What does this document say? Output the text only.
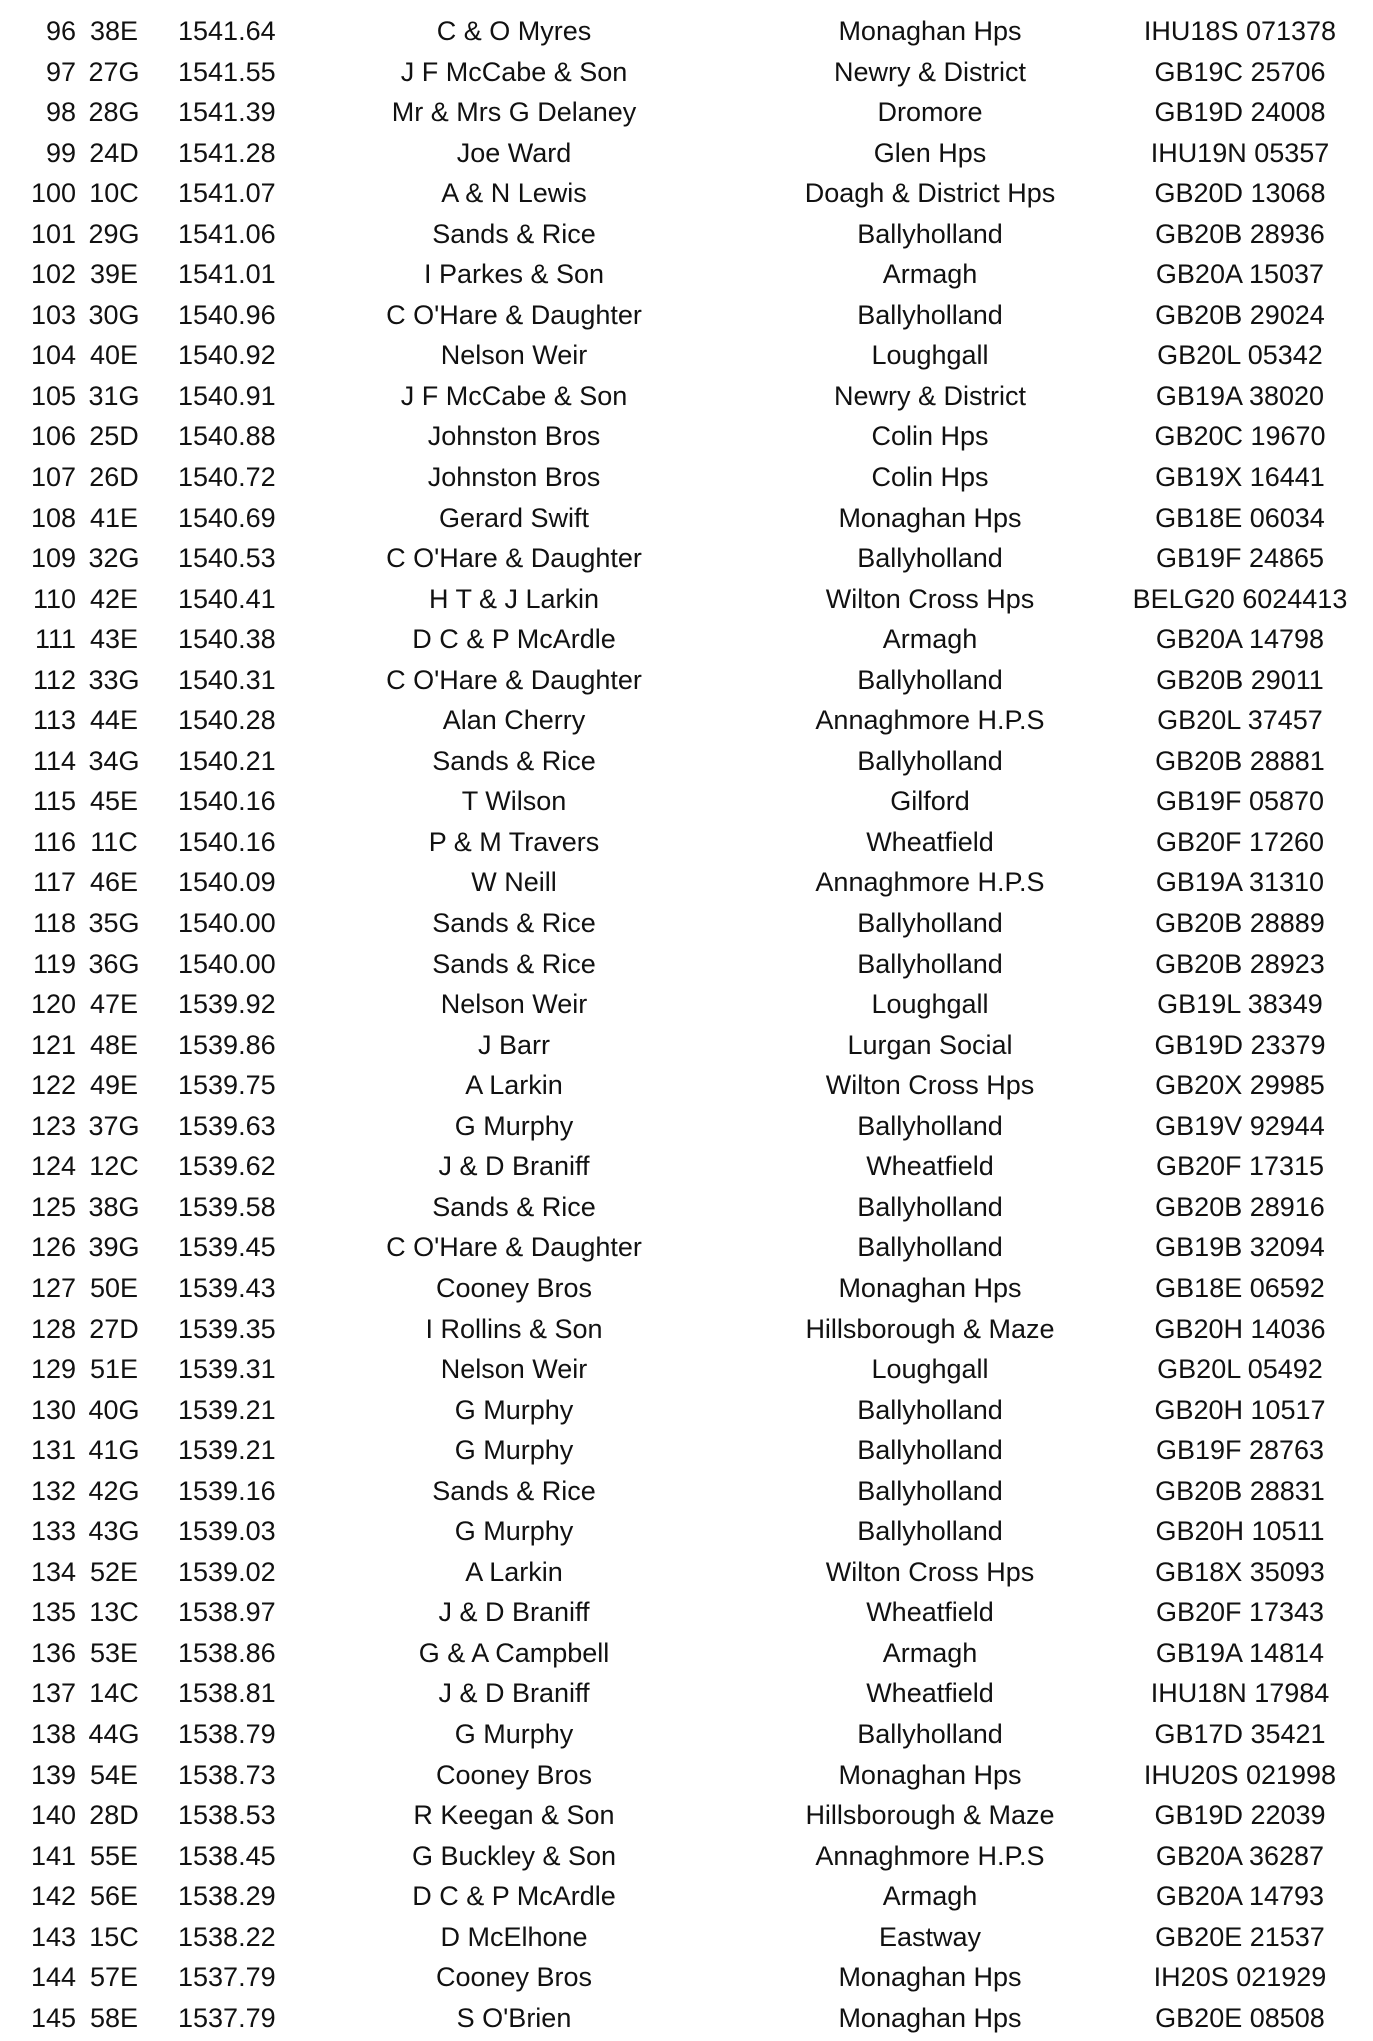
96 38E 1541.64	C & O Myres	Monaghan Hps	IHU18S 071378
97 27G 1541.55	J F McCabe & Son	Newry & District	GB19C 25706
98 28G 1541.39	Mr & Mrs G Delaney	Dromore	GB19D 24008
99 24D 1541.28	Joe Ward	Glen Hps	IHU19N 05357
100 10C 1541.07	A & N Lewis	Doagh & District Hps	GB20D 13068
101 29G 1541.06	Sands & Rice	Ballyholland	GB20B 28936
102 39E 1541.01	I Parkes & Son	Armagh	GB20A 15037
103 30G 1540.96	C O'Hare & Daughter	Ballyholland	GB20B 29024
104 40E 1540.92	Nelson Weir	Loughgall	GB20L 05342
105 31G 1540.91	J F McCabe & Son	Newry & District	GB19A 38020
106 25D 1540.88	Johnston Bros	Colin Hps	GB20C 19670
107 26D 1540.72	Johnston Bros	Colin Hps	GB19X 16441
108 41E 1540.69	Gerard Swift	Monaghan Hps	GB18E 06034
109 32G 1540.53	C O'Hare & Daughter	Ballyholland	GB19F 24865
110 42E 1540.41	H T & J Larkin	Wilton Cross Hps	BELG20 6024413
111 43E 1540.38	D C & P McArdle	Armagh	GB20A 14798
112 33G 1540.31	C O'Hare & Daughter	Ballyholland	GB20B 29011
113 44E 1540.28	Alan Cherry	Annaghmore H.P.S	GB20L 37457
114 34G 1540.21	Sands & Rice	Ballyholland	GB20B 28881
115 45E 1540.16	T Wilson	Gilford	GB19F 05870
116 11C	1540.16	P & M Travers	Wheatfield	GB20F 17260
117 46E 1540.09	W Neill	Annaghmore H.P.S	GB19A 31310
118 35G 1540.00	Sands & Rice	Ballyholland	GB20B 28889
119 36G 1540.00	Sands & Rice	Ballyholland	GB20B 28923
120 47E 1539.92	Nelson Weir	Loughgall	GB19L 38349
121 48E 1539.86	J Barr	Lurgan Social	GB19D 23379
122 49E 1539.75	A Larkin	Wilton Cross Hps	GB20X 29985
123 37G 1539.63	G Murphy	Ballyholland	GB19V 92944
124 12C 1539.62	J & D Braniff	Wheatfield	GB20F 17315
125 38G 1539.58	Sands & Rice	Ballyholland	GB20B 28916
126 39G 1539.45	C O'Hare & Daughter	Ballyholland	GB19B 32094
127 50E 1539.43	Cooney Bros	Monaghan Hps	GB18E 06592
128 27D 1539.35	I Rollins & Son	Hillsborough & Maze	GB20H 14036
129 51E 1539.31	Nelson Weir	Loughgall	GB20L 05492
130 40G 1539.21	G Murphy	Ballyholland	GB20H 10517
131 41G 1539.21	G Murphy	Ballyholland	GB19F 28763
132 42G 1539.16	Sands & Rice	Ballyholland	GB20B 28831
133 43G 1539.03	G Murphy	Ballyholland	GB20H 10511
134 52E 1539.02	A Larkin	Wilton Cross Hps	GB18X 35093
135 13C 1538.97	J & D Braniff	Wheatfield	GB20F 17343
136 53E 1538.86	G & A Campbell	Armagh	GB19A 14814
137 14C 1538.81	J & D Braniff	Wheatfield	IHU18N 17984
138 44G 1538.79	G Murphy	Ballyholland	GB17D 35421
139 54E 1538.73	Cooney Bros	Monaghan Hps	IHU20S 021998
140 28D 1538.53	R Keegan & Son	Hillsborough & Maze	GB19D 22039
141 55E 1538.45	G Buckley & Son	Annaghmore H.P.S	GB20A 36287
142 56E 1538.29	D C & P McArdle	Armagh	GB20A 14793
143 15C 1538.22	D McElhone	Eastway	GB20E 21537
144 57E 1537.79	Cooney Bros	Monaghan Hps	IH20S 021929
145 58E 1537.79	S O'Brien	Monaghan Hps	GB20E 08508
